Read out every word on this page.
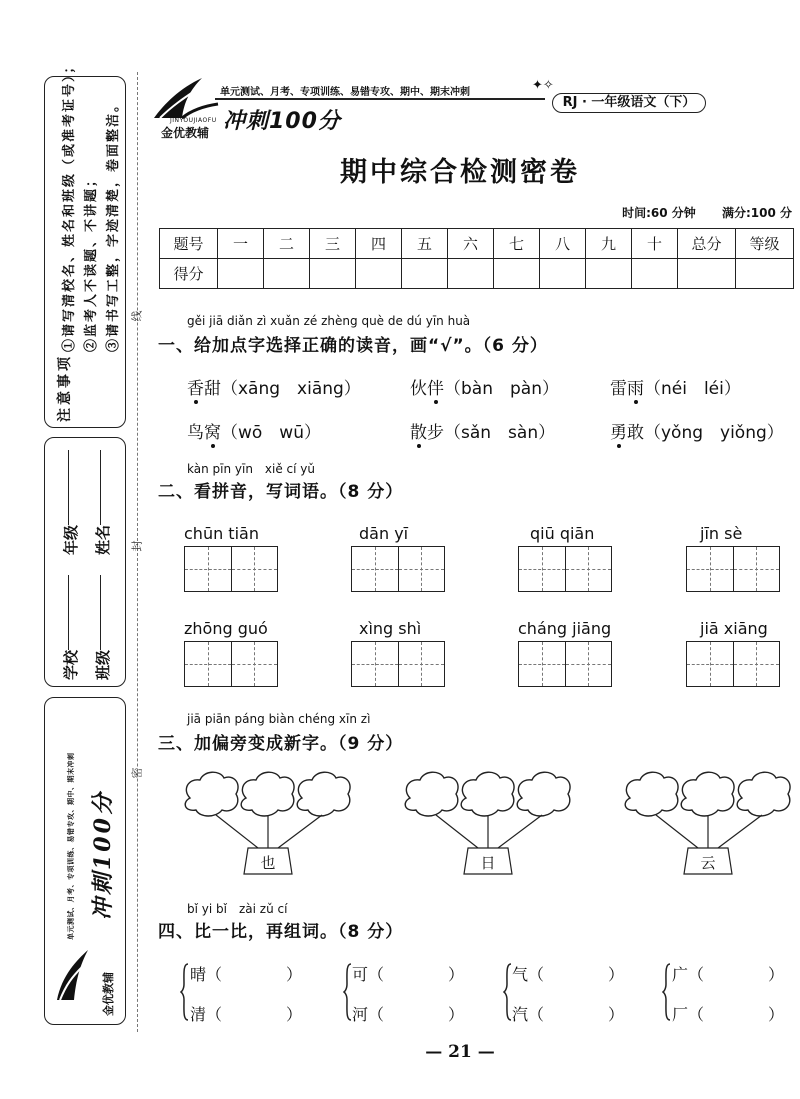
注意事项
①请写清校名、姓名和班级（或准考证号）； ②监考人不读题、不讲题； ③请书写工整，字迹清楚，卷面整洁。
学校
年级
班级
姓名
线
封
密
冲刺100分
单元测试、月考、专项训练、易错专攻、期中、期末冲刺
金优教辅
JINYOUJIAOFU
金优教辅 冲刺100分
单元测试、月考、专项训练、易错专攻、期中、期末冲刺	✦✧
RJ · 一年级语文（下）
期中综合检测密卷
时间:60 分钟 满分:100 分
题号	一	二	三	四	五	六	七	八	九	十	总分	等级
得分												
gěi jiā diǎn zì xuǎn zé zhèng què de dú yīn huà
一、给加点字选择正确的读音，画“√”。（6 分）
香甜（xāng　xiāng）	伙伴（bàn　pàn）	雷雨（néi　léi）
鸟窝（wō　wū）	散步（sǎn　sàn）	勇敢（yǒng　yiǒng）
kàn pīn yīn　xiě cí yǔ
二、看拼音，写词语。（8 分）
chūn tiān	dān yī	qiū qiān	jīn sè
zhōng guó	xìng shì	cháng jiāng	jiā xiāng
jiā piān páng biàn chéng xīn zì
三、加偏旁变成新字。（9 分）
也	日	云
bǐ yi bǐ　zài zǔ cí
四、比一比，再组词。（8 分）
晴（　　　　）
清（　　　　）
可（　　　　）
河（　　　　）
气（　　　　）
汽（　　　　）
广（　　　　）
厂（　　　　）
— 21 —
